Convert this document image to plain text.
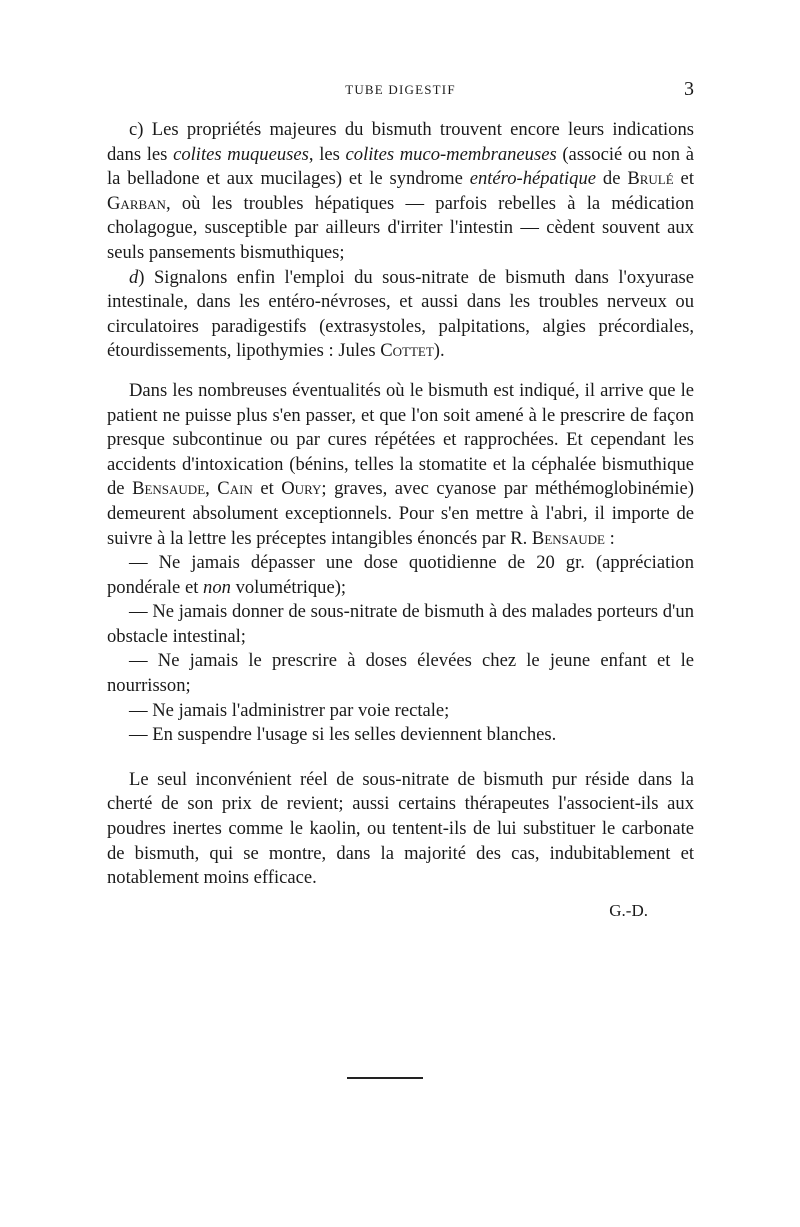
TUBE DIGESTIF	3

c) Les propriétés majeures du bismuth trouvent encore leurs indications dans les colites muqueuses, les colites muco-membraneuses (associé ou non à la belladone et aux mucilages) et le syndrome entéro-hépatique de Brulé et Garban, où les troubles hépatiques — parfois rebelles à la médication cholagogue, susceptible par ailleurs d'irriter l'intestin — cèdent souvent aux seuls pansements bismuthiques;

d) Signalons enfin l'emploi du sous-nitrate de bismuth dans l'oxyurase intestinale, dans les entéro-névroses, et aussi dans les troubles nerveux ou circulatoires paradigestifs (extrasystoles, palpitations, algies précordiales, étourdissements, lipothymies : Jules Cottet).

Dans les nombreuses éventualités où le bismuth est indiqué, il arrive que le patient ne puisse plus s'en passer, et que l'on soit amené à le prescrire de façon presque subcontinue ou par cures répétées et rapprochées. Et cependant les accidents d'intoxication (bénins, telles la stomatite et la céphalée bismuthique de Bensaude, Cain et Oury; graves, avec cyanose par méthémoglobinémie) demeurent absolument exceptionnels. Pour s'en mettre à l'abri, il importe de suivre à la lettre les préceptes intangibles énoncés par R. Bensaude :

— Ne jamais dépasser une dose quotidienne de 20 gr. (appréciation pondérale et non volumétrique);

— Ne jamais donner de sous-nitrate de bismuth à des malades porteurs d'un obstacle intestinal;

— Ne jamais le prescrire à doses élevées chez le jeune enfant et le nourrisson;

— Ne jamais l'administrer par voie rectale;

— En suspendre l'usage si les selles deviennent blanches.

Le seul inconvénient réel de sous-nitrate de bismuth pur réside dans la cherté de son prix de revient; aussi certains thérapeutes l'associent-ils aux poudres inertes comme le kaolin, ou tentent-ils de lui substituer le carbonate de bismuth, qui se montre, dans la majorité des cas, indubitablement et notablement moins efficace.

G.-D.
